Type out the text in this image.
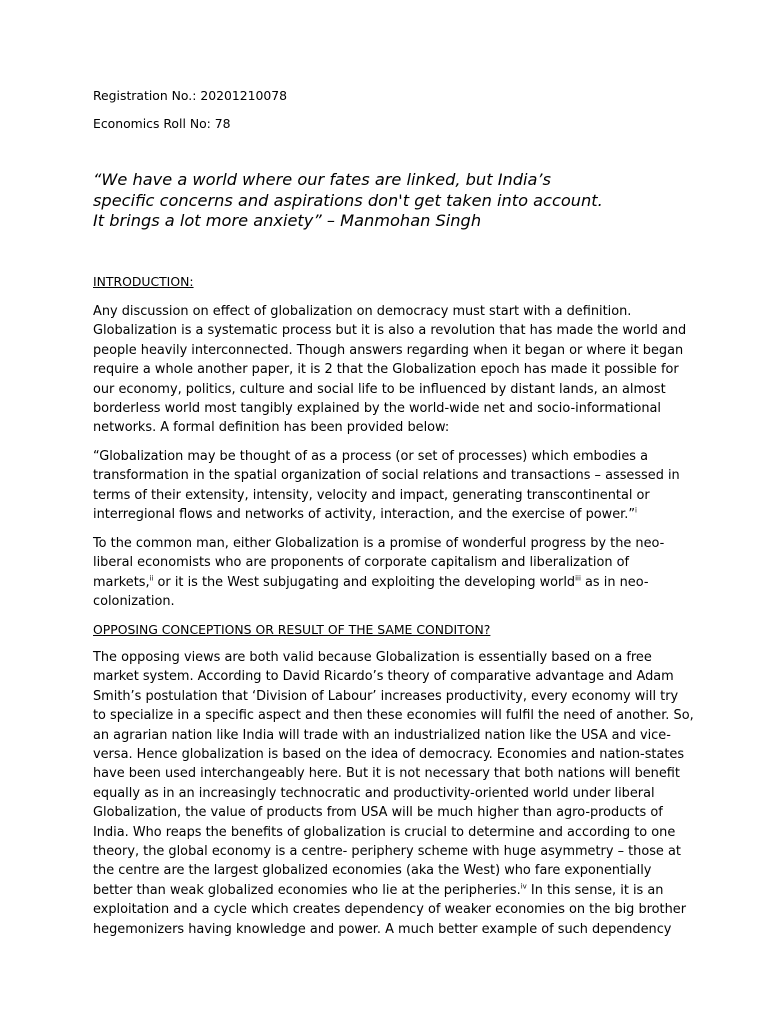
Registration No.: 20201210078

Economics Roll No: 78

“We have a world where our fates are linked, but India’s
specific concerns and aspirations don't get taken into account.
It brings a lot more anxiety” – Manmohan Singh

INTRODUCTION:

Any discussion on effect of globalization on democracy must start with a definition.
Globalization is a systematic process but it is also a revolution that has made the world and
people heavily interconnected. Though answers regarding when it began or where it began
require a whole another paper, it is 2 that the Globalization epoch has made it possible for
our economy, politics, culture and social life to be influenced by distant lands, an almost
borderless world most tangibly explained by the world-wide net and socio-informational
networks. A formal definition has been provided below:
“Globalization may be thought of as a process (or set of processes) which embodies a
transformation in the spatial organization of social relations and transactions – assessed in
terms of their extensity, intensity, velocity and impact, generating transcontinental or
interregional flows and networks of activity, interaction, and the exercise of power.”$^i$
To the common man, either Globalization is a promise of wonderful progress by the neo-
liberal economists who are proponents of corporate capitalism and liberalization of
markets,$^{ii}$ or it is the West subjugating and exploiting the developing world$^{iii}$ as in neo-
colonization.

OPPOSING CONCEPTIONS OR RESULT OF THE SAME CONDITON?

The opposing views are both valid because Globalization is essentially based on a free
market system. According to David Ricardo’s theory of comparative advantage and Adam
Smith’s postulation that ‘Division of Labour’ increases productivity, every economy will try
to specialize in a specific aspect and then these economies will fulfil the need of another. So,
an agrarian nation like India will trade with an industrialized nation like the USA and vice-
versa. Hence globalization is based on the idea of democracy. Economies and nation-states
have been used interchangeably here. But it is not necessary that both nations will benefit
equally as in an increasingly technocratic and productivity-oriented world under liberal
Globalization, the value of products from USA will be much higher than agro-products of
India. Who reaps the benefits of globalization is crucial to determine and according to one
theory, the global economy is a centre- periphery scheme with huge asymmetry – those at
the centre are the largest globalized economies (aka the West) who fare exponentially
better than weak globalized economies who lie at the peripheries.$^{iv}$ In this sense, it is an
exploitation and a cycle which creates dependency of weaker economies on the big brother
hegemonizers having knowledge and power. A much better example of such dependency
